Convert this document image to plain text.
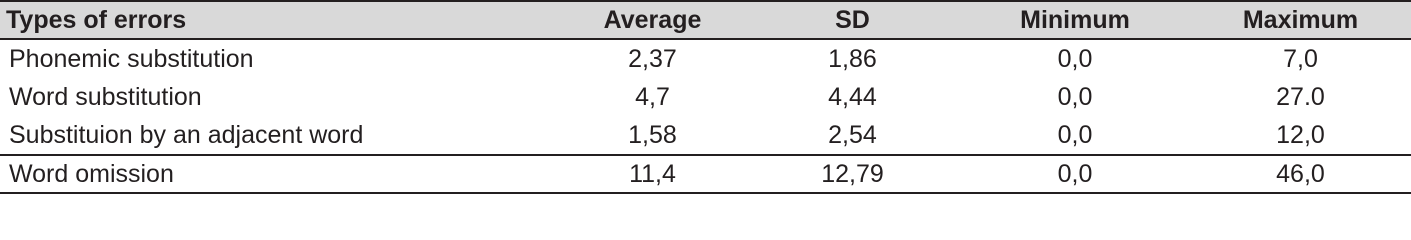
Types of errors	Average	SD	Minimum	Maximum
Phonemic substitution	2,37	1,86	0,0	7,0
Word substitution	4,7	4,44	0,0	27.0
Substituion by an adjacent word	1,58	2,54	0,0	12,0
Word omission	11,4	12,79	0,0	46,0
